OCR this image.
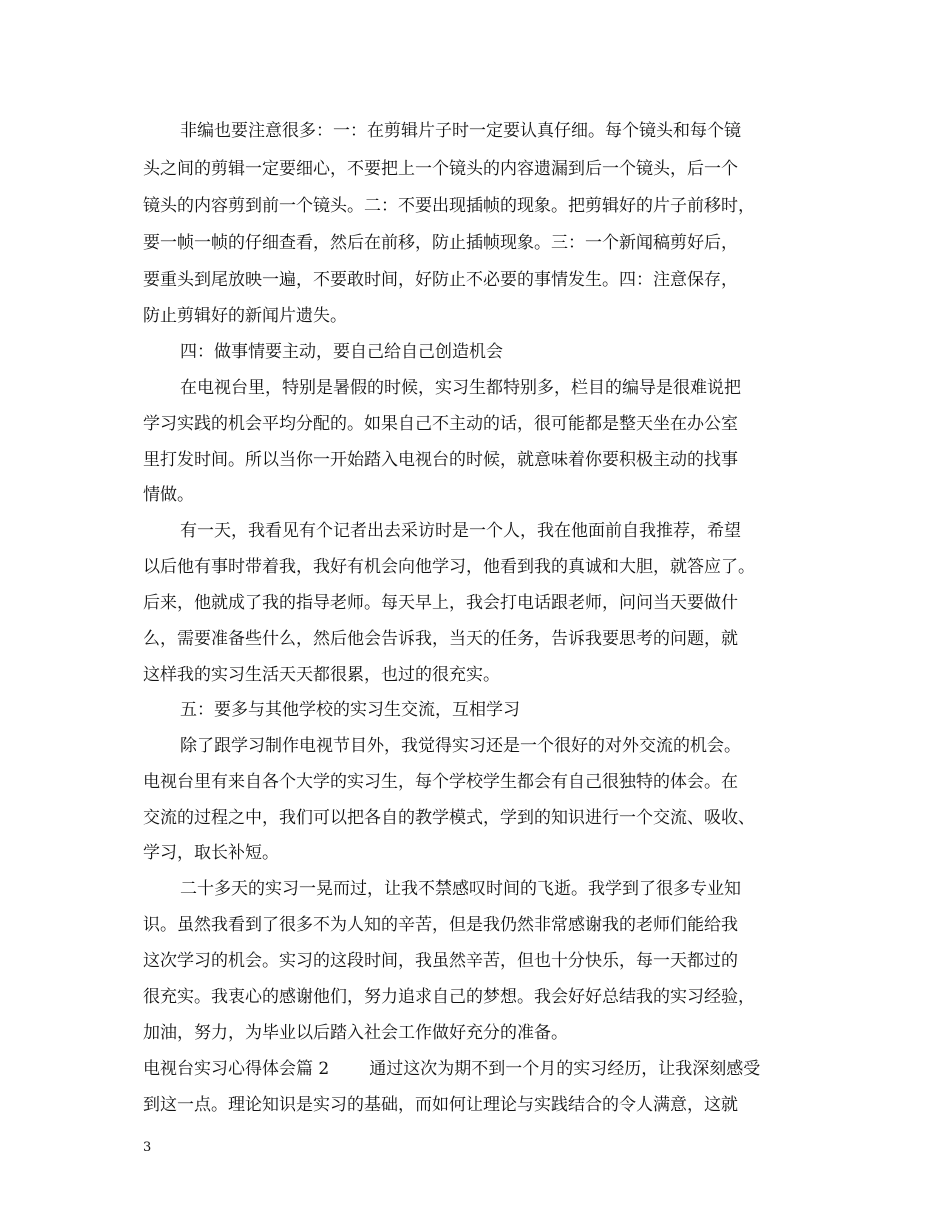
非编也要注意很多：一：在剪辑片子时一定要认真仔细。每个镜头和每个镜
头之间的剪辑一定要细心，不要把上一个镜头的内容遗漏到后一个镜头，后一个
镜头的内容剪到前一个镜头。二：不要出现插帧的现象。把剪辑好的片子前移时，
要一帧一帧的仔细查看，然后在前移，防止插帧现象。三：一个新闻稿剪好后，
要重头到尾放映一遍，不要敢时间，好防止不必要的事情发生。四：注意保存，
防止剪辑好的新闻片遗失。
四：做事情要主动，要自己给自己创造机会
在电视台里，特别是暑假的时候，实习生都特别多，栏目的编导是很难说把
学习实践的机会平均分配的。如果自己不主动的话，很可能都是整天坐在办公室
里打发时间。所以当你一开始踏入电视台的时候，就意味着你要积极主动的找事
情做。
有一天，我看见有个记者出去采访时是一个人，我在他面前自我推荐，希望
以后他有事时带着我，我好有机会向他学习，他看到我的真诚和大胆，就答应了。
后来，他就成了我的指导老师。每天早上，我会打电话跟老师，问问当天要做什
么，需要准备些什么，然后他会告诉我，当天的任务，告诉我要思考的问题，就
这样我的实习生活天天都很累，也过的很充实。
五：要多与其他学校的实习生交流，互相学习
除了跟学习制作电视节目外，我觉得实习还是一个很好的对外交流的机会。
电视台里有来自各个大学的实习生，每个学校学生都会有自己很独特的体会。在
交流的过程之中，我们可以把各自的教学模式，学到的知识进行一个交流、吸收、
学习，取长补短。
二十多天的实习一晃而过，让我不禁感叹时间的飞逝。我学到了很多专业知
识。虽然我看到了很多不为人知的辛苦，但是我仍然非常感谢我的老师们能给我
这次学习的机会。实习的这段时间，我虽然辛苦，但也十分快乐，每一天都过的
很充实。我衷心的感谢他们，努力追求自己的梦想。我会好好总结我的实习经验，
加油，努力，为毕业以后踏入社会工作做好充分的准备。
电视台实习心得体会篇 2 通过这次为期不到一个月的实习经历，让我深刻感受
到这一点。理论知识是实习的基础，而如何让理论与实践结合的令人满意，这就
3
